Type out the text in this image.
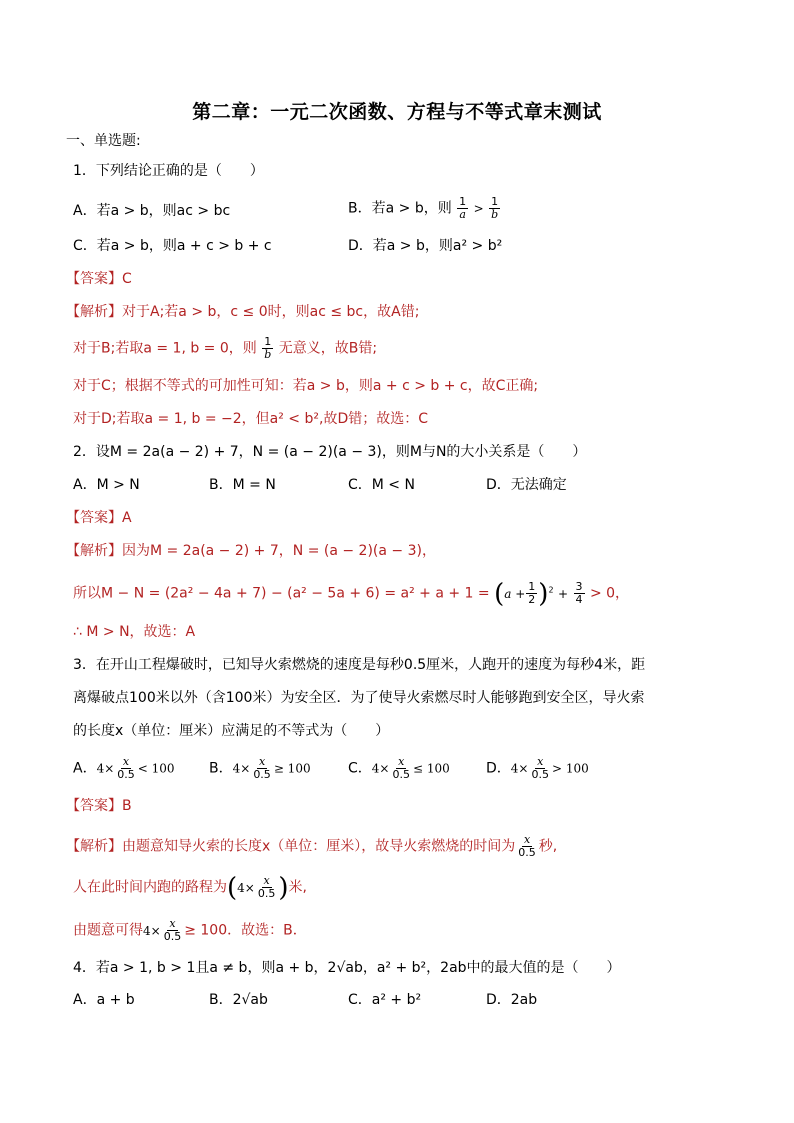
第二章：一元二次函数、方程与不等式章末测试
一、单选题:
1．下列结论正确的是（　　）
A．若a > b，则ac > bc	B．若a > b，则 $\frac{1}{a} > \frac{1}{b}$
C．若a > b，则a + c > b + c	D．若a > b，则a² > b²
【答案】C
【解析】对于A;若a > b，c ≤ 0时，则ac ≤ bc，故A错;
对于B;若取a = 1, b = 0，则 $\frac{1}{b}$ 无意义，故B错;
对于C；根据不等式的可加性可知：若a > b，则a + c > b + c，故C正确;
对于D;若取a = 1, b = −2，但a² < b²,故D错；故选：C
2．设M = 2a(a − 2) + 7，N = (a − 2)(a − 3)，则M与N的大小关系是（　　）
A．M > N	B．M = N	C．M < N	D．无法确定
【答案】A
【解析】因为M = 2a(a − 2) + 7，N = (a − 2)(a − 3)，
所以$M - N = (2a^2 - 4a + 7) - (a^2 - 5a + 6) = a^2 + a + 1 = (a + \frac{1}{2} )^2 + \frac{3}{4} > 0$，
∴ M > N，故选：A
3．在开山工程爆破时，已知导火索燃烧的速度是每秒0.5厘米，人跑开的速度为每秒4米，距
离爆破点100米以外（含100米）为安全区．为了使导火索燃尽时人能够跑到安全区，导火索
的长度x（单位：厘米）应满足的不等式为（　　）
A．$4\times \frac{x}{0.5} < 100$ B．$4\times \frac{x}{0.5} \ge 100$	C．$4\times \frac{x}{0.5} \le 100$	D．$4\times \frac{x}{0.5} > 100$
【答案】B
【解析】由题意知导火索的长度x（单位：厘米），故导火索燃烧的时间为 $\frac{x}{0.5}$ 秒,
人在此时间内跑的路程为($4\times \frac{x}{0.5}$ )米,
由题意可得$4\times \frac{x}{0.5} \ge 100$．故选：B．
4．若a > 1, b > 1且a ≠ b，则a + b，2√ab，a² + b²，2ab中的最大值的是（　　）
A．a + b	B．2√ab	C．a² + b²	D．2ab
